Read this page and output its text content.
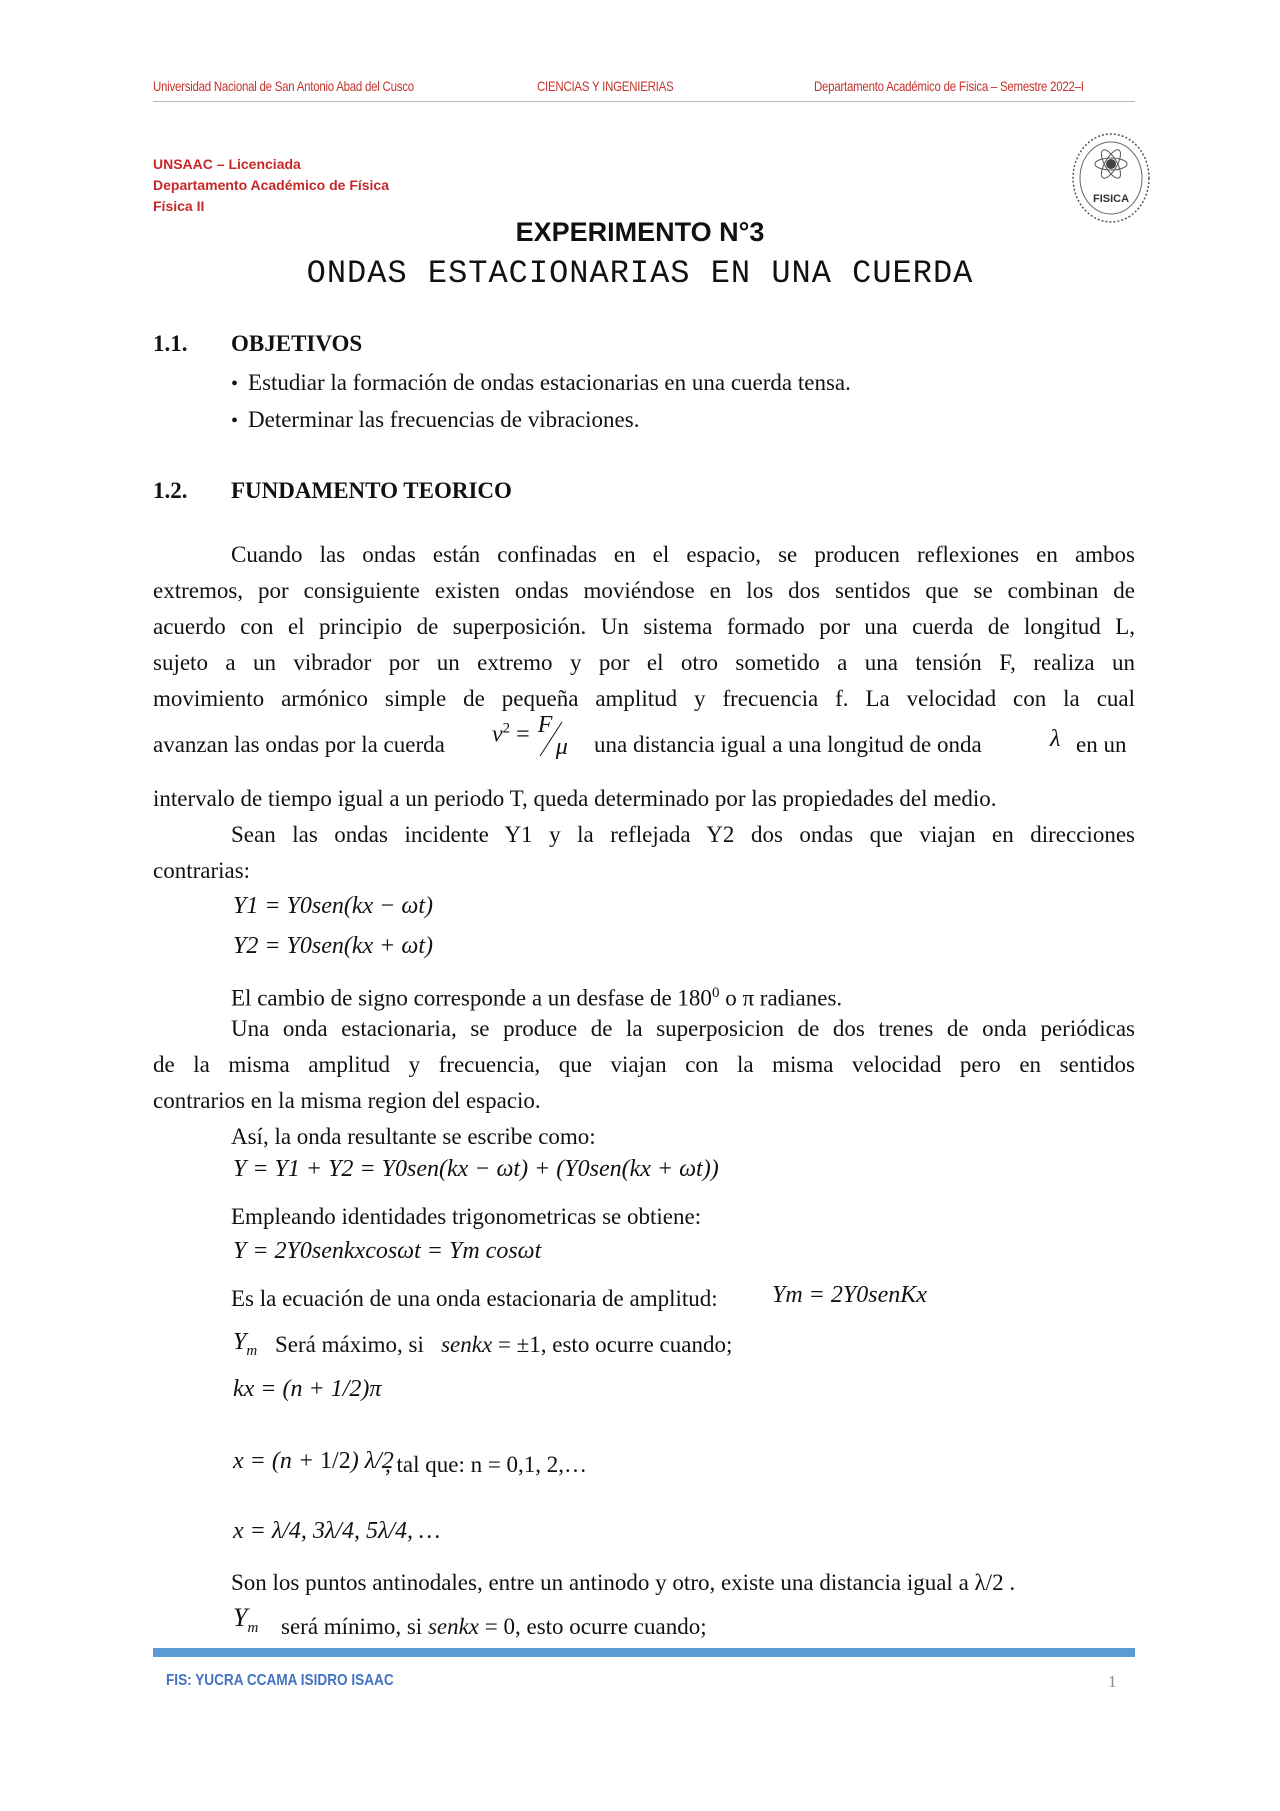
Universidad Nacional de San Antonio Abad del Cusco	CIENCIAS Y INGENIERIAS	Departamento Académico de Física – Semestre 2022–I
UNSAAC – Licenciada
Departamento Académico de Física
Física II	FISICA
EXPERIMENTO N°3
ONDAS ESTACIONARIAS EN UNA CUERDA
1.1. OBJETIVOS
•  Estudiar la formación de ondas estacionarias en una cuerda tensa.
•  Determinar las frecuencias de vibraciones.
1.2. FUNDAMENTO TEORICO
Cuando las ondas están confinadas en el espacio, se producen reflexiones en ambos
extremos, por consiguiente existen ondas moviéndose en los dos sentidos que se combinan de
acuerdo con el principio de superposición. Un sistema formado por una cuerda de longitud L,
sujeto a un vibrador por un extremo y por el otro sometido a una tensión F, realiza un
movimiento armónico simple de pequeña amplitud y frecuencia f. La velocidad con la cual
avanzan las ondas por la cuerda $v^2 = F$
μ una distancia igual a una longitud de onda	λ en un
intervalo de tiempo igual a un periodo T, queda determinado por las propiedades del medio.
Sean las ondas incidente Y1 y la reflejada Y2 dos ondas que viajan en direcciones
contrarias:
Y1 = Y0sen(kx − ωt)
Y2 = Y0sen(kx + ωt)
El cambio de signo corresponde a un desfase de $180^0$ o π radianes.
Una onda estacionaria, se produce de la superposicion de dos trenes de onda periódicas
de la misma amplitud y frecuencia, que viajan con la misma velocidad pero en sentidos
contrarios en la misma region del espacio.
Así, la onda resultante se escribe como:
Y = Y1 + Y2 = Y0sen(kx − ωt) + (Y0sen(kx + ωt))
Empleando identidades trigonometricas se obtiene:
Y = 2Y0senkxcosωt = Ym cosωt
Es la ecuación de una onda estacionaria de amplitud: Ym = 2Y0senKx
$Y_m$ Será máximo, si senkx = ±1, esto ocurre cuando;
kx = (n + 1/2)π
x = (n + 1/2) λ/2
, tal que: n = 0,1, 2,…
x = λ/4, 3λ/4, 5λ/4, …
Son los puntos antinodales, entre un antinodo y otro, existe una distancia igual a λ/2 .
$Y_m$ será mínimo, si senkx = 0, esto ocurre cuando;
FIS: YUCRA CCAMA ISIDRO ISAAC	1
